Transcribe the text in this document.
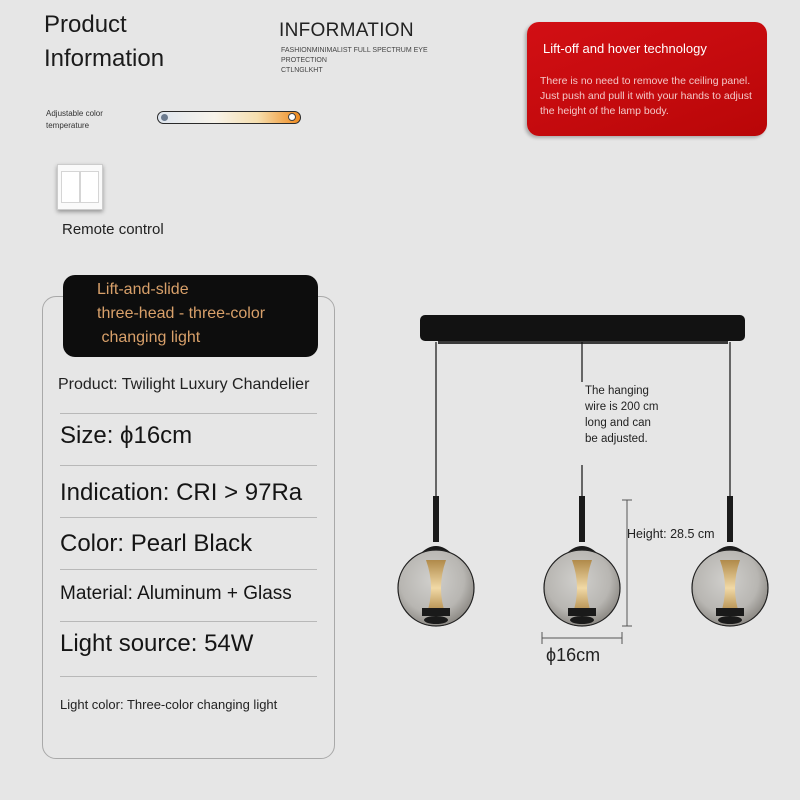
Product
Information
INFORMATION
FASHIONMINIMALIST FULL SPECTRUM EYE PROTECTION
CTLNGLKHT
Adjustable color
temperature
Lift-off and hover technology
There is no need to remove the ceiling panel. Just push and pull it with your hands to adjust the height of the lamp body.
Remote control
Lift-and-slide
three-head - three-color
changing light
Product: Twilight Luxury Chandelier
Size: ϕ16cm
Indication: CRI > 97Ra
Color: Pearl Black
Material: Aluminum + Glass
Light source: 54W
Light color: Three-color changing light
The hanging
wire is 200 cm
long and can
be adjusted.
Height: 28.5 cm
ϕ16cm
